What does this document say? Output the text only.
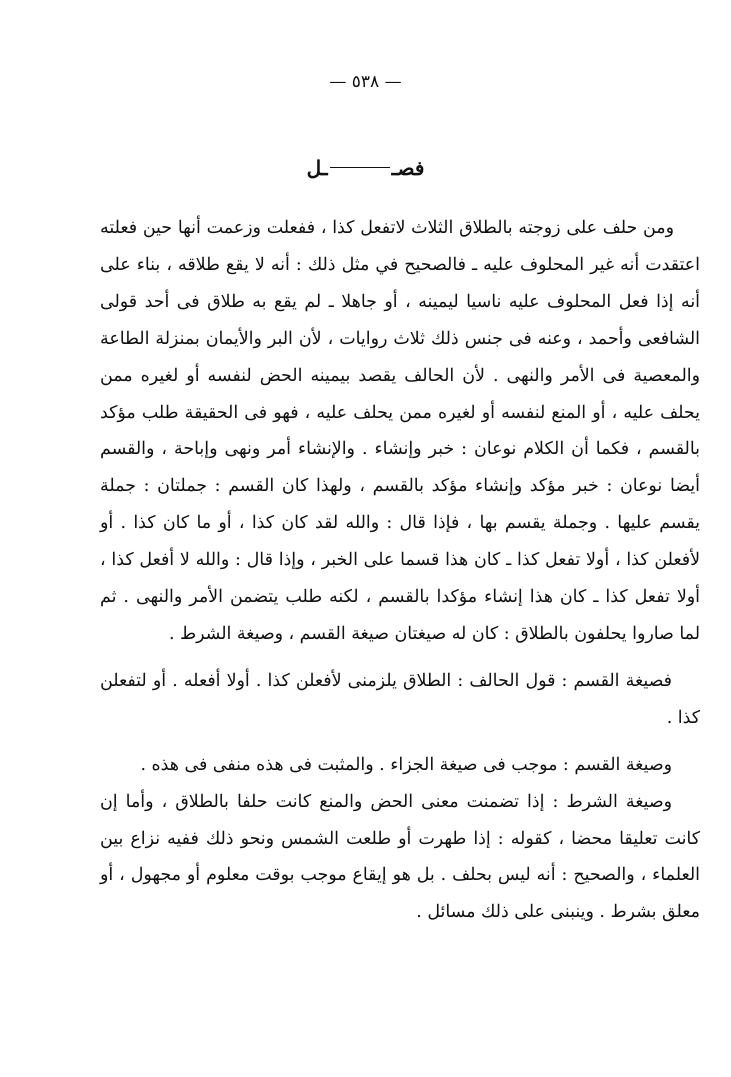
— ٥٣٨ —
فصــل

ومن حلف على زوجته بالطلاق الثلاث لاتفعل كذا ، ففعلت وزعمت أنها حين فعلته اعتقدت أنه غير المحلوف عليه ـ فالصحيح في مثل ذلك : أنه لا يقع طلاقه ، بناء على أنه إذا فعل المحلوف عليه ناسيا ليمينه ، أو جاهلا ـ لم يقع به طلاق فى أحد قولى الشافعى وأحمد ، وعنه فى جنس ذلك ثلاث روايات ، لأن البر والأيمان بمنزلة الطاعة والمعصية فى الأمر والنهى . لأن الحالف يقصد بيمينه الحض لنفسه أو لغيره ممن يحلف عليه ، أو المنع لنفسه أو لغيره ممن يحلف عليه ، فهو فى الحقيقة طلب مؤكد بالقسم ، فكما أن الكلام نوعان : خبر وإنشاء . والإنشاء أمر ونهى وإباحة ، والقسم أيضا نوعان : خبر مؤكد وإنشاء مؤكد بالقسم ، ولهذا كان القسم : جملتان : جملة يقسم عليها . وجملة يقسم بها ، فإذا قال : والله لقد كان كذا ، أو ما كان كذا . أو لأفعلن كذا ، أولا تفعل كذا ـ كان هذا قسما على الخبر ، وإذا قال : والله لا أفعل كذا ، أولا تفعل كذا ـ كان هذا إنشاء مؤكدا بالقسم ، لكنه طلب يتضمن الأمر والنهى . ثم لما صاروا يحلفون بالطلاق : كان له صيغتان صيغة القسم ، وصيغة الشرط .

فصيغة القسم : قول الحالف : الطلاق يلزمنى لأفعلن كذا . أولا أفعله . أو لتفعلن كذا .

وصيغة القسم : موجب فى صيغة الجزاء . والمثبت فى هذه منفى فى هذه .

وصيغة الشرط : إذا تضمنت معنى الحض والمنع كانت حلفا بالطلاق ، وأما إن كانت تعليقا محضا ، كقوله : إذا طهرت أو طلعت الشمس ونحو ذلك ففيه نزاع بين العلماء ، والصحيح : أنه ليس بحلف . بل هو إيقاع موجب بوقت معلوم أو مجهول ، أو معلق بشرط . وينبنى على ذلك مسائل .
